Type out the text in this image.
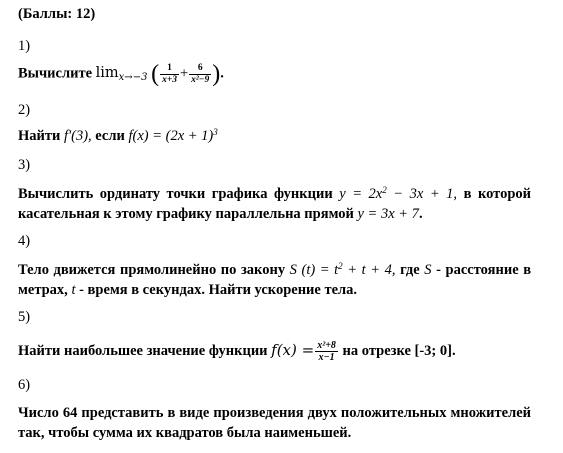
(Баллы: 12)
1)
Вычислите $\lim_{x\to-3}$ ( $\frac{1}{x+3} + \frac{6}{\text{x²−9}}$ ).
2)
Найти f'(3), если $f(x) = (2x + 1)^3$
3)
Вычислить ординату точки графика функции $y = 2x^2 - 3x + 1$, в которой касательная к этому графику параллельна прямой y = 3x + 7.
4)
Тело движется прямолинейно по закону S $(t) = t^2 + t + 4$, где S - расстояние в метрах, t - время в секундах. Найти ускорение тела.
5)
Найти наибольшее значение функции $f(x) = \frac{\text{x²+8}}{x-1}$ на отрезке [-3; 0].
6)
Число 64 представить в виде произведения двух положительных множителей так, чтобы сумма их квадратов была наименьшей.
